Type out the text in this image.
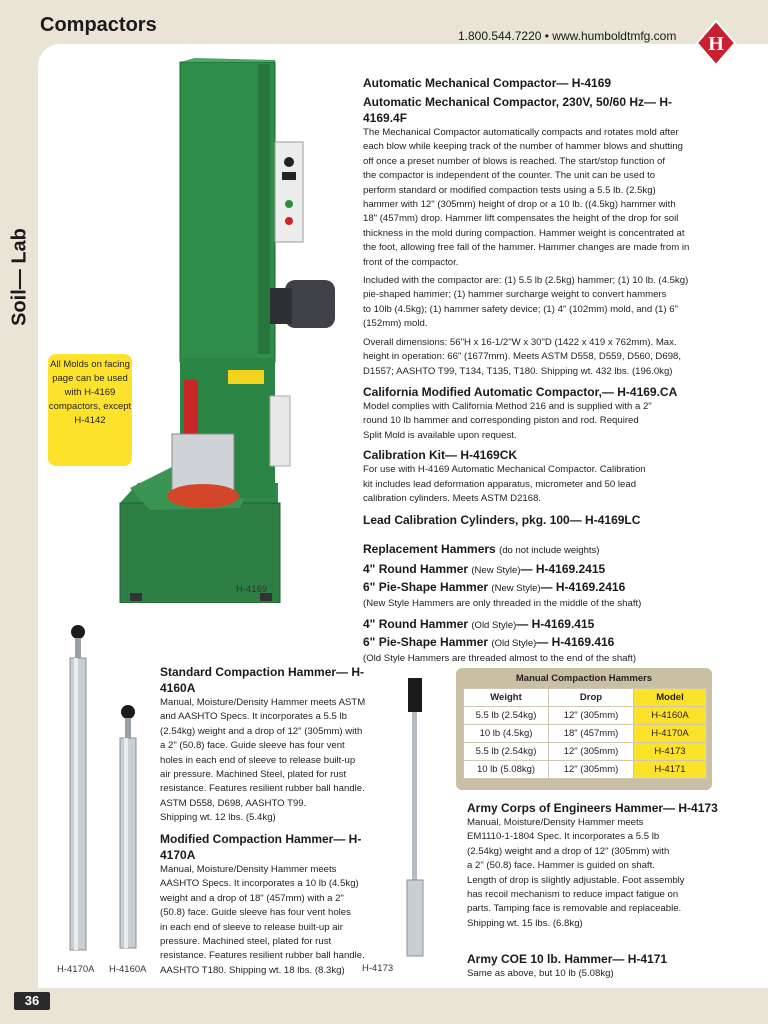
Compactors	1.800.544.7220 • www.humboldtmfg.com H
Soil— Lab
36
H-4169
All Molds on facing page can be used with H-4169 compactors, except H-4142
Automatic Mechanical Compactor— H-4169
Automatic Mechanical Compactor, 230V, 50/60 Hz— H-4169.4F
The Mechanical Compactor automatically compacts and rotates mold after
each blow while keeping track of the number of hammer blows and shutting
off once a preset number of blows is reached. The start/stop function of
the compactor is independent of the counter. The unit can be used to
perform standard or modified compaction tests using a 5.5 lb. (2.5kg)
hammer with 12" (305mm) height of drop or a 10 lb. ((4.5kg) hammer with
18" (457mm) drop. Hammer lift compensates the height of the drop for soil
thickness in the mold during compaction. Hammer weight is concentrated at
the foot, allowing free fall of the hammer. Hammer changes are made from in
front of the compactor.
Included with the compactor are: (1) 5.5 lb (2.5kg) hammer; (1) 10 lb. (4.5kg)
pie-shaped hammer; (1) hammer surcharge weight to convert hammers
to 10lb (4.5kg); (1) hammer safety device; (1) 4" (102mm) mold, and (1) 6"
(152mm) mold.
Overall dimensions: 56"H x 16-1/2"W x 30"D (1422 x 419 x 762mm). Max.
height in operation: 66" (1677mm). Meets ASTM D558, D559, D560, D698,
D1557; AASHTO T99, T134, T135, T180. Shipping wt. 432 lbs. (196.0kg)
California Modified Automatic Compactor,— H-4169.CA
Model complies with California Method 216 and is supplied with a 2"
round 10 lb hammer and corresponding piston and rod. Required
Split Mold is available upon request.
Calibration Kit— H-4169CK
For use with H-4169 Automatic Mechanical Compactor. Calibration
kit includes lead deformation apparatus, micrometer and 50 lead
calibration cylinders. Meets ASTM D2168.
Lead Calibration Cylinders, pkg. 100— H-4169LC
Replacement Hammers (do not include weights)
4" Round Hammer (New Style)— H-4169.2415
6" Pie-Shape Hammer (New Style)— H-4169.2416
(New Style Hammers are only threaded in the middle of the shaft)
4" Round Hammer (Old Style)— H-4169.415
6" Pie-Shape Hammer (Old Style)— H-4169.416
(Old Style Hammers are threaded almost to the end of the shaft)
H-4170A H-4160A	H-4173
Standard Compaction Hammer— H-4160A
Manual, Moisture/Density Hammer meets ASTM
and AASHTO Specs. It incorporates a 5.5 lb
(2.54kg) weight and a drop of 12" (305mm) with
a 2" (50.8) face. Guide sleeve has four vent
holes in each end of sleeve to release built-up
air pressure. Machined Steel, plated for rust
resistance. Features resilient rubber ball handle.
ASTM D558, D698, AASHTO T99.
Shipping wt. 12 lbs. (5.4kg)
Modified Compaction Hammer— H-4170A
Manual, Moisture/Density Hammer meets
AASHTO Specs. It incorporates a 10 lb (4.5kg)
weight and a drop of 18" (457mm) with a 2"
(50.8) face. Guide sleeve has four vent holes
in each end of sleeve to release built-up air
pressure. Machined steel, plated for rust
resistance. Features resilient rubber ball handle.
AASHTO T180. Shipping wt. 18 lbs. (8.3kg)
Manual Compaction Hammers
Weight	Drop	Model
5.5 lb (2.54kg)	12" (305mm)	H-4160A
10 lb (4.5kg)	18" (457mm)	H-4170A
5.5 lb (2.54kg)	12" (305mm)	H-4173
10 lb (5.08kg)	12" (305mm)	H-4171
Army Corps of Engineers Hammer— H-4173
Manual, Moisture/Density Hammer meets
EM1110-1-1804 Spec. It incorporates a 5.5 lb
(2.54kg) weight and a drop of 12" (305mm) with
a 2" (50.8) face. Hammer is guided on shaft.
Length of drop is slightly adjustable. Foot assembly
has recoil mechanism to reduce impact fatigue on
parts. Tamping face is removable and replaceable.
Shipping wt. 15 lbs. (6.8kg)
Army COE 10 lb. Hammer— H-4171
Same as above, but 10 lb (5.08kg)
